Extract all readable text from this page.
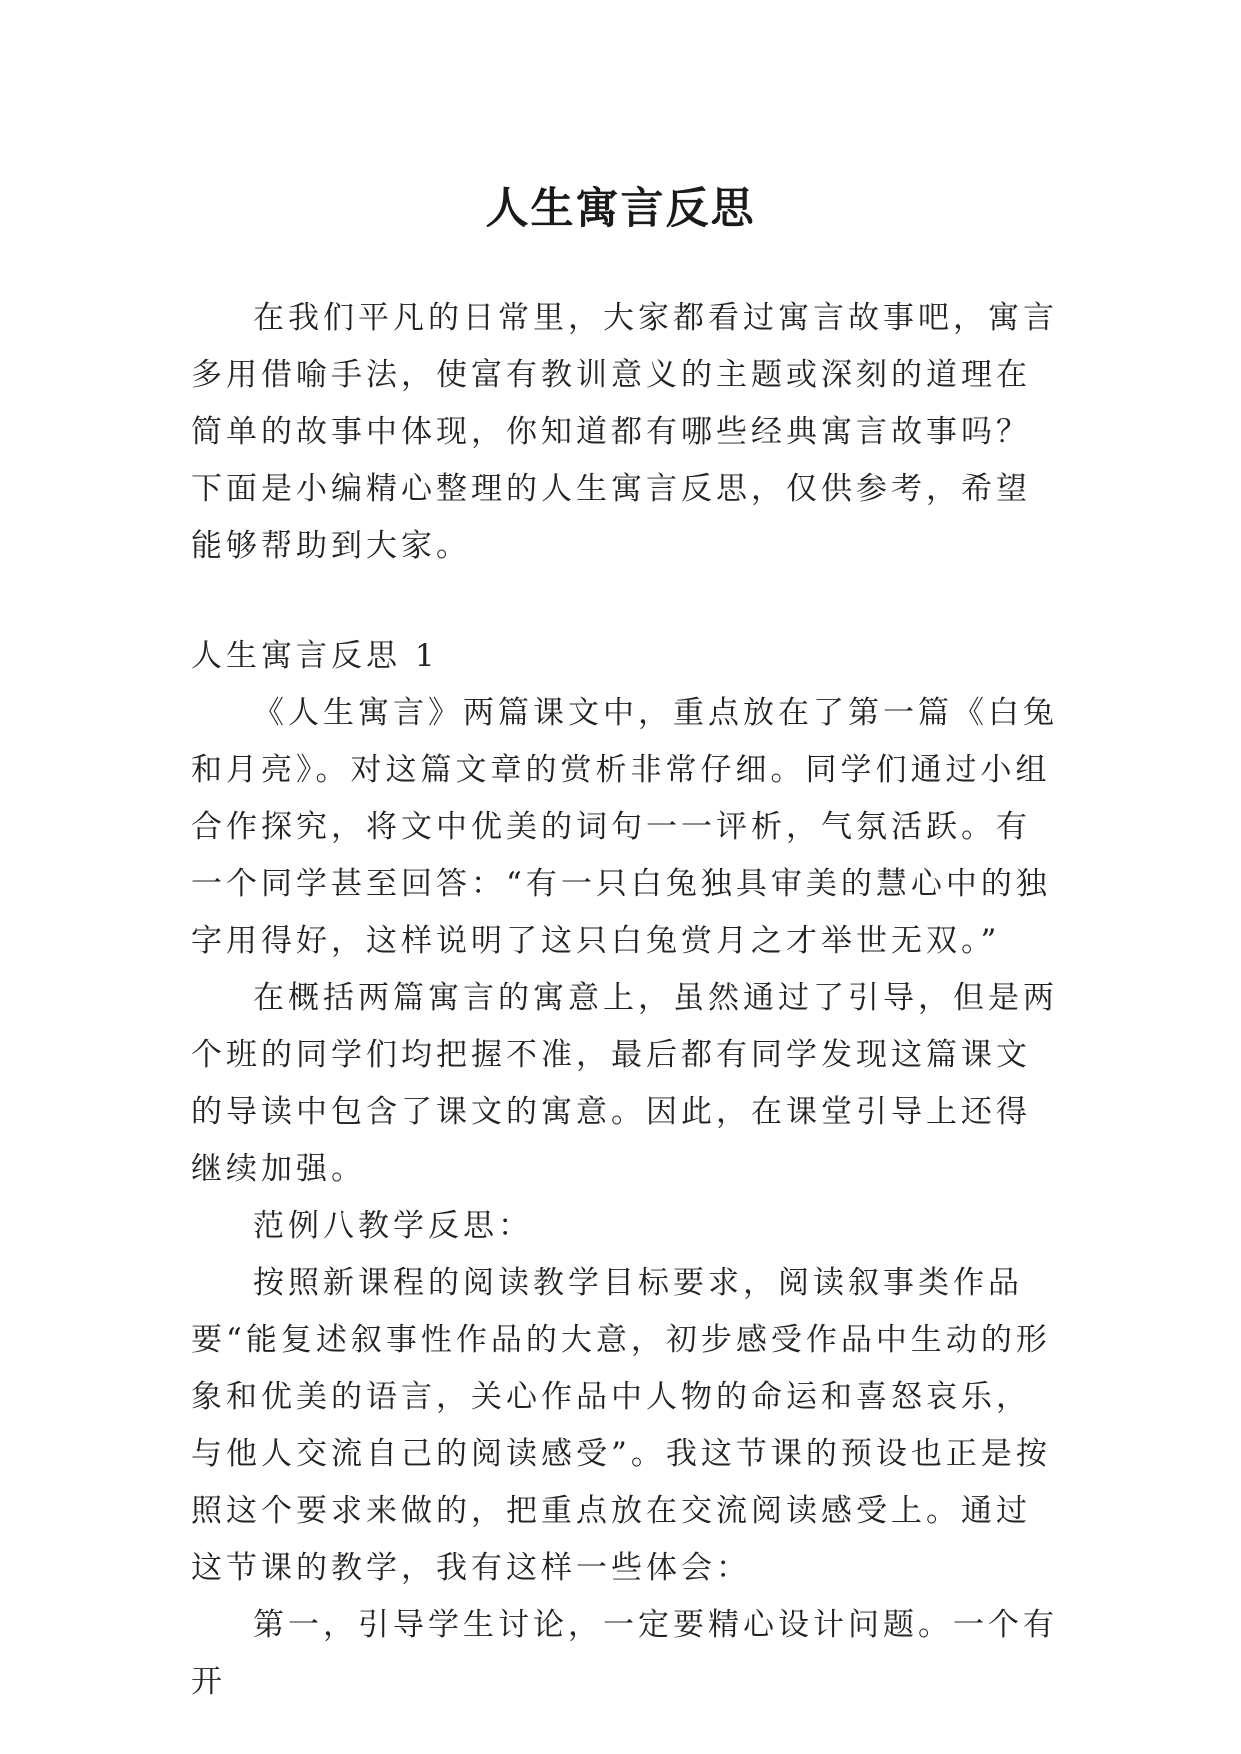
人生寓言反思

在我们平凡的日常里，大家都看过寓言故事吧，寓言多用借喻手法，使富有教训意义的主题或深刻的道理在简单的故事中体现，你知道都有哪些经典寓言故事吗？下面是小编精心整理的人生寓言反思，仅供参考，希望能够帮助到大家。

人生寓言反思 1

《人生寓言》两篇课文中，重点放在了第一篇《白兔和月亮》。对这篇文章的赏析非常仔细。同学们通过小组合作探究，将文中优美的词句一一评析，气氛活跃。有一个同学甚至回答：“有一只白兔独具审美的慧心中的独字用得好，这样说明了这只白兔赏月之才举世无双。”

在概括两篇寓言的寓意上，虽然通过了引导，但是两个班的同学们均把握不准，最后都有同学发现这篇课文的导读中包含了课文的寓意。因此，在课堂引导上还得继续加强。

范例八教学反思：

按照新课程的阅读教学目标要求，阅读叙事类作品要“能复述叙事性作品的大意，初步感受作品中生动的形象和优美的语言，关心作品中人物的命运和喜怒哀乐，与他人交流自己的阅读感受”。我这节课的预设也正是按照这个要求来做的，把重点放在交流阅读感受上。通过这节课的教学，我有这样一些体会：

第一，引导学生讨论，一定要精心设计问题。一个有开
